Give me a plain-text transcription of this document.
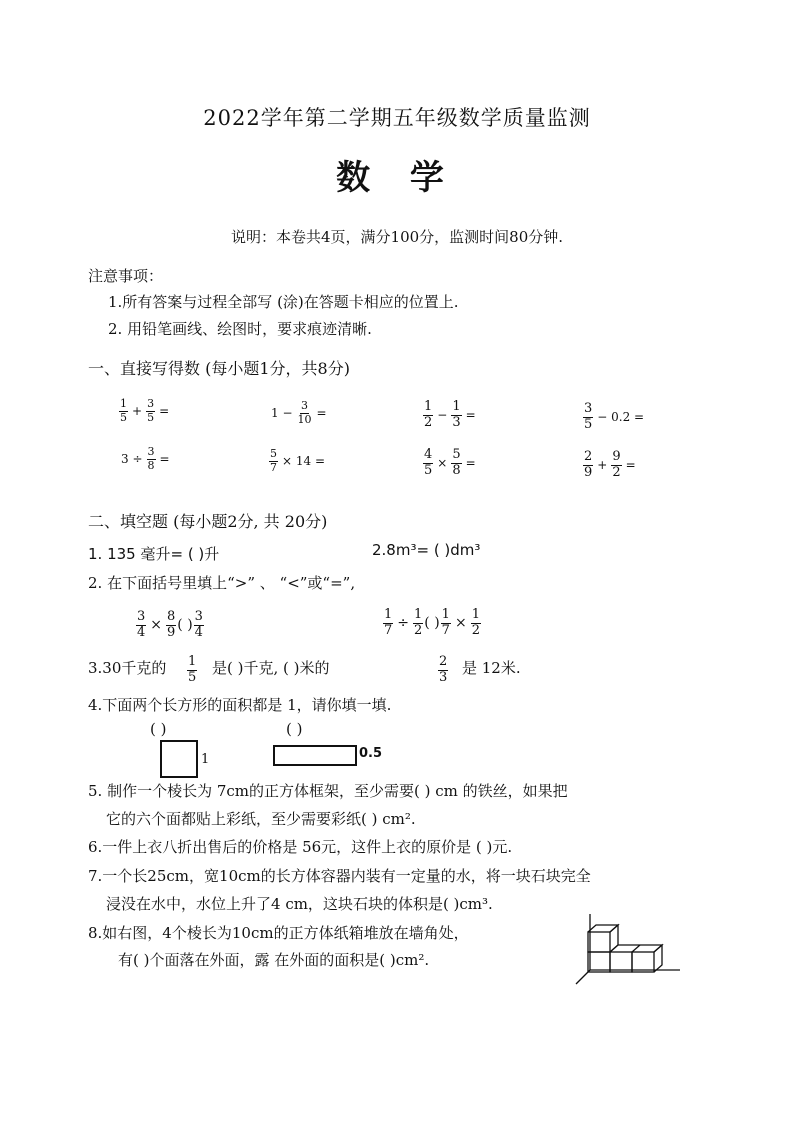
2022学年第二学期五年级数学质量监测
数 学
说明：本卷共4页，满分100分，监测时间80分钟.
注意事项：
1.所有答案与过程全部写 (涂)在答题卡相应的位置上.
2. 用铅笔画线、绘图时，要求痕迹清晰.
一、直接写得数 (每小题1分，共8分)
$\frac{1}{5} + \frac{3}{5}$ =	$1 - \frac{3}{10}$ =	$\frac{1}{2} - \frac{1}{3}$ =	$\frac{3}{5} - 0.2$ =
$3 \div \frac{3}{8}$ =	$\frac{5}{7} \times 14$ =	$\frac{4}{5} \times \frac{5}{8}$ =	$\frac{2}{9} + \frac{9}{2}$ =
二、填空题 (每小题2分, 共 20分)
1. 135 毫升= ( )升	2.8m³= ( )dm³
2. 在下面括号里填上“>” 、 “<”或“=”,
$\frac{3}{4} \times \frac{8}{9}$ ( ) $\frac{3}{4}$	$\frac{1}{7} \div \frac{1}{2}$ ( ) $\frac{1}{7} \times \frac{1}{2}$
3.30千克的 $\frac{1}{5}$ 是( )千克, ( )米的	$\frac{2}{3}$ 是 12米.
4.下面两个长方形的面积都是 1，请你填一填.
( )	( )
1	0.5
5. 制作一个棱长为 7cm的正方体框架，至少需要( ) cm 的铁丝，如果把
它的六个面都贴上彩纸，至少需要彩纸( ) cm².
6.一件上衣八折出售后的价格是 56元，这件上衣的原价是 ( )元.
7.一个长25cm，宽10cm的长方体容器内装有一定量的水，将一块石块完全
浸没在水中，水位上升了4 cm，这块石块的体积是( )cm³.
8.如右图，4个棱长为10cm的正方体纸箱堆放在墙角处，
有( )个面落在外面，露 在外面的面积是( )cm².
